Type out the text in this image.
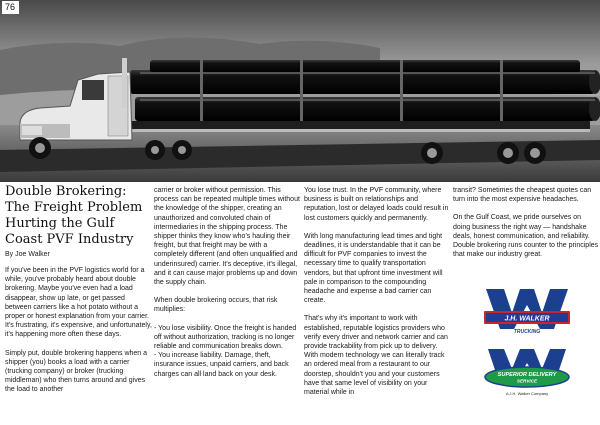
76
Double Brokering: The Freight Problem Hurting the Gulf Coast PVF Industry
By Joe Walker

If you've been in the PVF logistics world for a while, you've probably heard about double brokering. Maybe you've even had a load disappear, show up late, or get passed between carriers like a hot potato without a proper or honest explanation from your carrier. It's frustrating, it's expensive, and unfortunately, it's happening more often these days.

Simply put, double brokering happens when a shipper (you) books a load with a carrier (trucking company) or broker (trucking middleman) who then turns around and gives the load to another

carrier or broker without permission. This process can be repeated multiple times without the knowledge of the shipper, creating an unauthorized and convoluted chain of intermediaries in the shipping process. The shipper thinks they know who's hauling their freight, but that freight may be with a completely different (and often unqualified and underinsured) carrier. It's deceptive, it's illegal, and it can cause major problems up and down the supply chain.

When double brokering occurs, that risk multiplies:

- You lose visibility. Once the freight is handed off without authorization, tracking is no longer reliable and communication breaks down.
- You increase liability. Damage, theft, insurance issues, unpaid carriers, and back charges can all land back on your desk.

You lose trust. In the PVF community, where business is built on relationships and reputation, lost or delayed loads could result in lost customers quickly and permanently.

With long manufacturing lead times and tight deadlines, it is understandable that it can be difficult for PVF companies to invest the necessary time to qualify transportation vendors, but that upfront time investment will pale in comparison to the compounding headache and expense a bad carrier can create.

That's why it's important to work with established, reputable logistics providers who verify every driver and network carrier and can provide trackability from pick up to delivery. With modern technology we can literally track an ordered meal from a restaurant to our doorstep, shouldn't you and your customers have that same level of visibility on your material while in

transit? Sometimes the cheapest quotes can turn into the most expensive headaches.

On the Gulf Coast, we pride ourselves on doing business the right way — handshake deals, honest communication, and reliability. Double brokering runs counter to the principles that make our industry great.

J.H. WALKER
TRUCKING
SUPERIOR DELIVERY
SERVICE
A J.H. Walker Company
